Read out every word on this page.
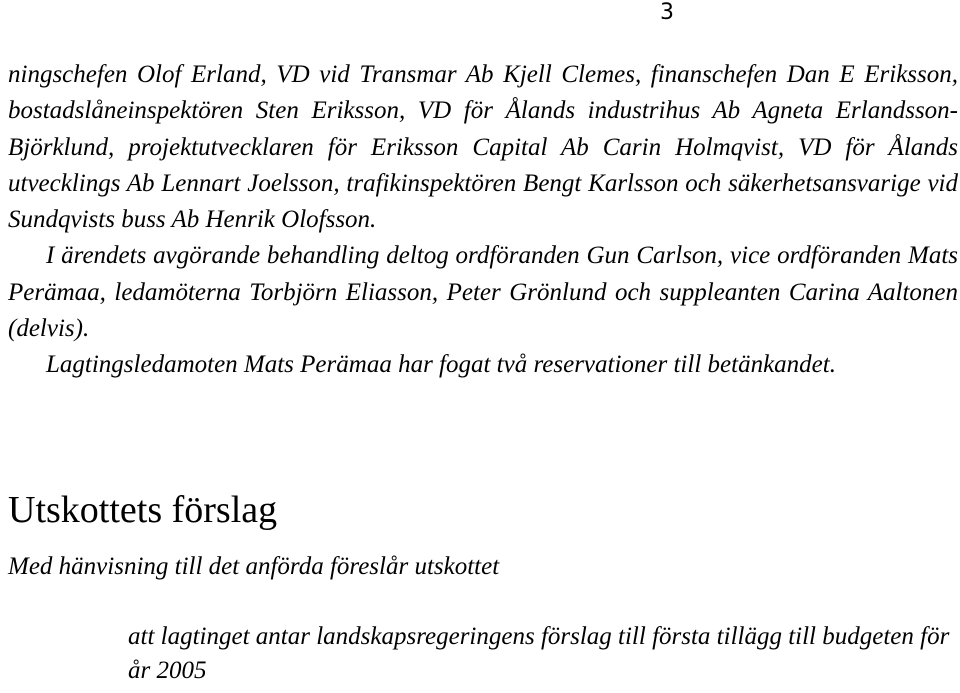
3

ningschefen Olof Erland, VD vid Transmar Ab Kjell Clemes, finanschefen Dan E Eriksson, bostadslåneinspektören Sten Eriksson, VD för Ålands industrihus Ab Agneta Erlandsson-Björklund, projektutvecklaren för Eriksson Capital Ab Carin Holmqvist, VD för Ålands utvecklings Ab Lennart Joelsson, trafikinspektören Bengt Karlsson och säkerhetsansvarige vid Sundqvists buss Ab Henrik Olofsson.

I ärendets avgörande behandling deltog ordföranden Gun Carlson, vice ordföranden Mats Perämaa, ledamöterna Torbjörn Eliasson, Peter Grönlund och suppleanten Carina Aaltonen (delvis).

Lagtingsledamoten Mats Perämaa har fogat två reservationer till betänkandet.

Utskottets förslag

Med hänvisning till det anförda föreslår utskottet

att lagtinget antar landskapsregeringens förslag till första tillägg till budgeten för år 2005
